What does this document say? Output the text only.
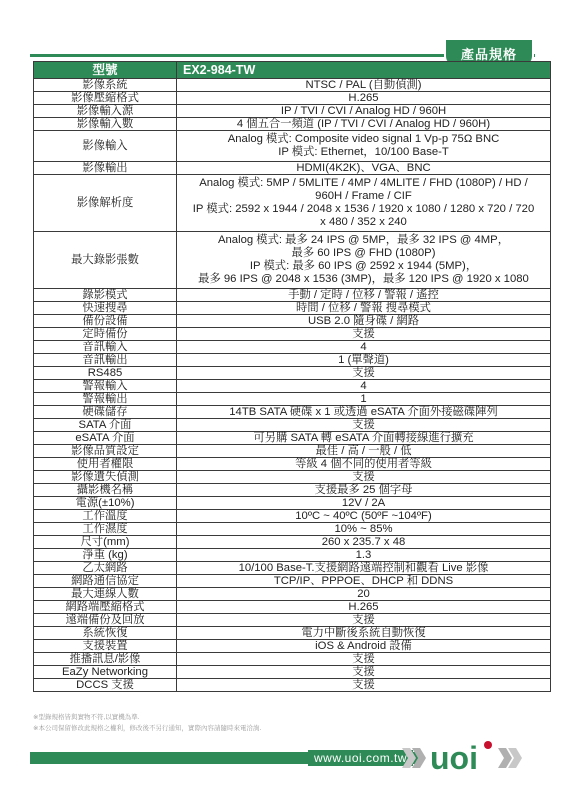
產品規格
型號	EX2-984-TW
影像系統	NTSC / PAL (自動偵測)
影像壓縮格式	H.265
影像輸入源	IP / TVI / CVI / Analog HD / 960H
影像輸入數	4 個五合一頻道 (IP / TVI / CVI / Analog HD / 960H)
影像輸入	Analog 模式: Composite video signal 1 Vp-p 75Ω BNC
IP 模式: Ethernet，10/100 Base-T
影像輸出	HDMI(4K2K)、VGA、BNC
影像解析度	Analog 模式: 5MP / 5MLITE / 4MP / 4MLITE / FHD (1080P) / HD /
960H / Frame / CIF
IP 模式: 2592 x 1944 / 2048 x 1536 / 1920 x 1080 / 1280 x 720 / 720
x 480 / 352 x 240
最大錄影張數	Analog 模式: 最多 24 IPS @ 5MP，最多 32 IPS @ 4MP，
最多 60 IPS @ FHD (1080P)
IP 模式: 最多 60 IPS @ 2592 x 1944 (5MP)，
最多 96 IPS @ 2048 x 1536 (3MP)，最多 120 IPS @ 1920 x 1080
錄影模式	手動 / 定時 / 位移 / 警報 / 遙控
快速搜尋	時間 / 位移 / 警報 搜尋模式
備份設備	USB 2.0 隨身碟 / 網路
定時備份	支援
音訊輸入	4
音訊輸出	1 (單聲道)
RS485	支援
警報輸入	4
警報輸出	1
硬碟儲存	14TB SATA 硬碟 x 1 或透過 eSATA 介面外接磁碟陣列
SATA 介面	支援
eSATA 介面	可另購 SATA 轉 eSATA 介面轉接線進行擴充
影像品質設定	最佳 / 高 / 一般 / 低
使用者權限	等級 4 個不同的使用者等級
影像遺失偵測	支援
攝影機名稱	支援最多 25 個字母
電源(±10%)	12V / 2A
工作溫度	10ºC ~ 40ºC (50ºF ~104ºF)
工作濕度	10% ~ 85%
尺寸(mm)	260 x 235.7 x 48
淨重 (kg)	1.3
乙太網路	10/100 Base-T.支援網路遠端控制和觀看 Live 影像
網路通信協定	TCP/IP、PPPOE、DHCP 和 DDNS
最大連線人數	20
網路端壓縮格式	H.265
遠端備份及回放	支援
系統恢復	電力中斷後系統自動恢復
支援裝置	iOS & Android 設備
推播訊息/影像	支援
EaZy Networking	支援
DCCS 支援	支援
※型錄規格皆與實物不符,以實機為準.
※本公司保留修改此規格之權利，修改後不另行通知，實際內容請隨時來電洽詢.
www.uoi.com.tw uoi
